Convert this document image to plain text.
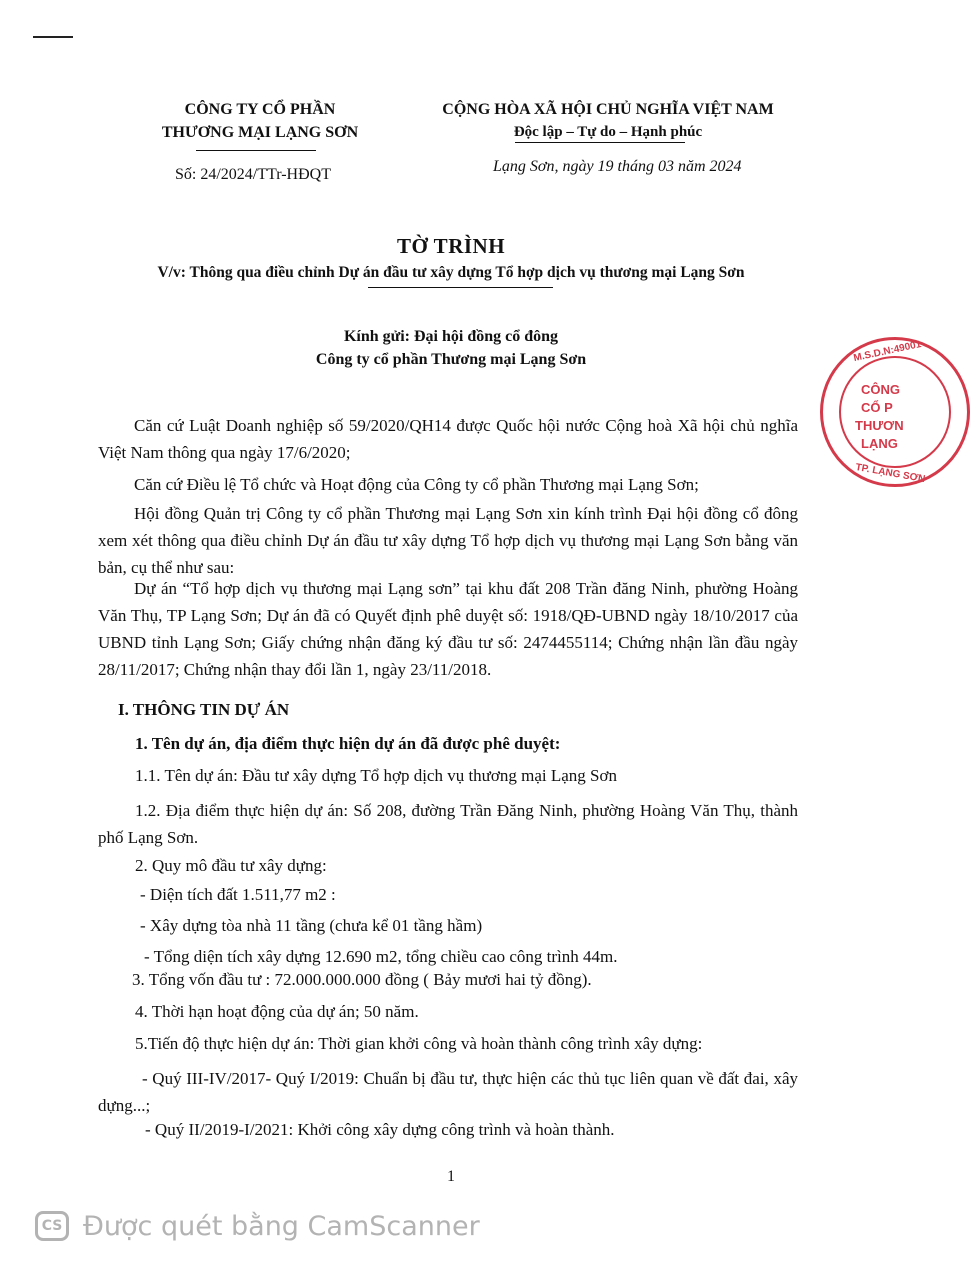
CÔNG TY CỔ PHẦN
THƯƠNG MẠI LẠNG SƠN
CỘNG HÒA XÃ HỘI CHỦ NGHĨA VIỆT NAM
Độc lập – Tự do – Hạnh phúc
Số: 24/2024/TTr-HĐQT	Lạng Sơn, ngày 19 tháng 03 năm 2024
TỜ TRÌNH
V/v: Thông qua điều chỉnh Dự án đầu tư xây dựng Tổ hợp dịch vụ thương mại Lạng Sơn
Kính gửi: Đại hội đồng cổ đông
Công ty cổ phần Thương mại Lạng Sơn
Căn cứ Luật Doanh nghiệp số 59/2020/QH14 được Quốc hội nước Cộng hoà Xã hội chủ nghĩa Việt Nam thông qua ngày 17/6/2020;
Căn cứ Điều lệ Tổ chức và Hoạt động của Công ty cổ phần Thương mại Lạng Sơn;
Hội đồng Quản trị Công ty cổ phần Thương mại Lạng Sơn xin kính trình Đại hội đồng cổ đông xem xét thông qua điều chỉnh Dự án đầu tư xây dựng Tổ hợp dịch vụ thương mại Lạng Sơn bằng văn bản, cụ thể như sau:
Dự án “Tổ hợp dịch vụ thương mại Lạng sơn” tại khu đất 208 Trần đăng Ninh, phường Hoàng Văn Thụ, TP Lạng Sơn; Dự án đã có Quyết định phê duyệt số: 1918/QĐ-UBND ngày 18/10/2017 của UBND tỉnh Lạng Sơn; Giấy chứng nhận đăng ký đầu tư số: 2474455114; Chứng nhận lần đầu ngày 28/11/2017; Chứng nhận thay đổi lần 1, ngày 23/11/2018.
I. THÔNG TIN DỰ ÁN
1. Tên dự án, địa điểm thực hiện dự án đã được phê duyệt:
1.1. Tên dự án: Đầu tư xây dựng Tổ hợp dịch vụ thương mại Lạng Sơn
1.2. Địa điểm thực hiện dự án: Số 208, đường Trần Đăng Ninh, phường Hoàng Văn Thụ, thành phố Lạng Sơn.
2. Quy mô đầu tư xây dựng:
- Diện tích đất 1.511,77 m2 :
- Xây dựng tòa nhà 11 tầng (chưa kể 01 tầng hầm)
- Tổng diện tích xây dựng 12.690 m2, tổng chiều cao công trình 44m.
3. Tổng vốn đầu tư : 72.000.000.000 đồng ( Bảy mươi hai tỷ đồng).
4. Thời hạn hoạt động của dự án; 50 năm.
5.Tiến độ thực hiện dự án: Thời gian khởi công và hoàn thành công trình xây dựng:
- Quý III-IV/2017- Quý I/2019: Chuẩn bị đầu tư, thực hiện các thủ tục liên quan về đất đai, xây dựng...;
- Quý II/2019-I/2021: Khởi công xây dựng công trình và hoàn thành.
1
M.S.D.N:49001
CÔNG
CỔ P
THƯƠN
LẠNG
TP. LẠNG SƠN
CS Được quét bằng CamScanner
